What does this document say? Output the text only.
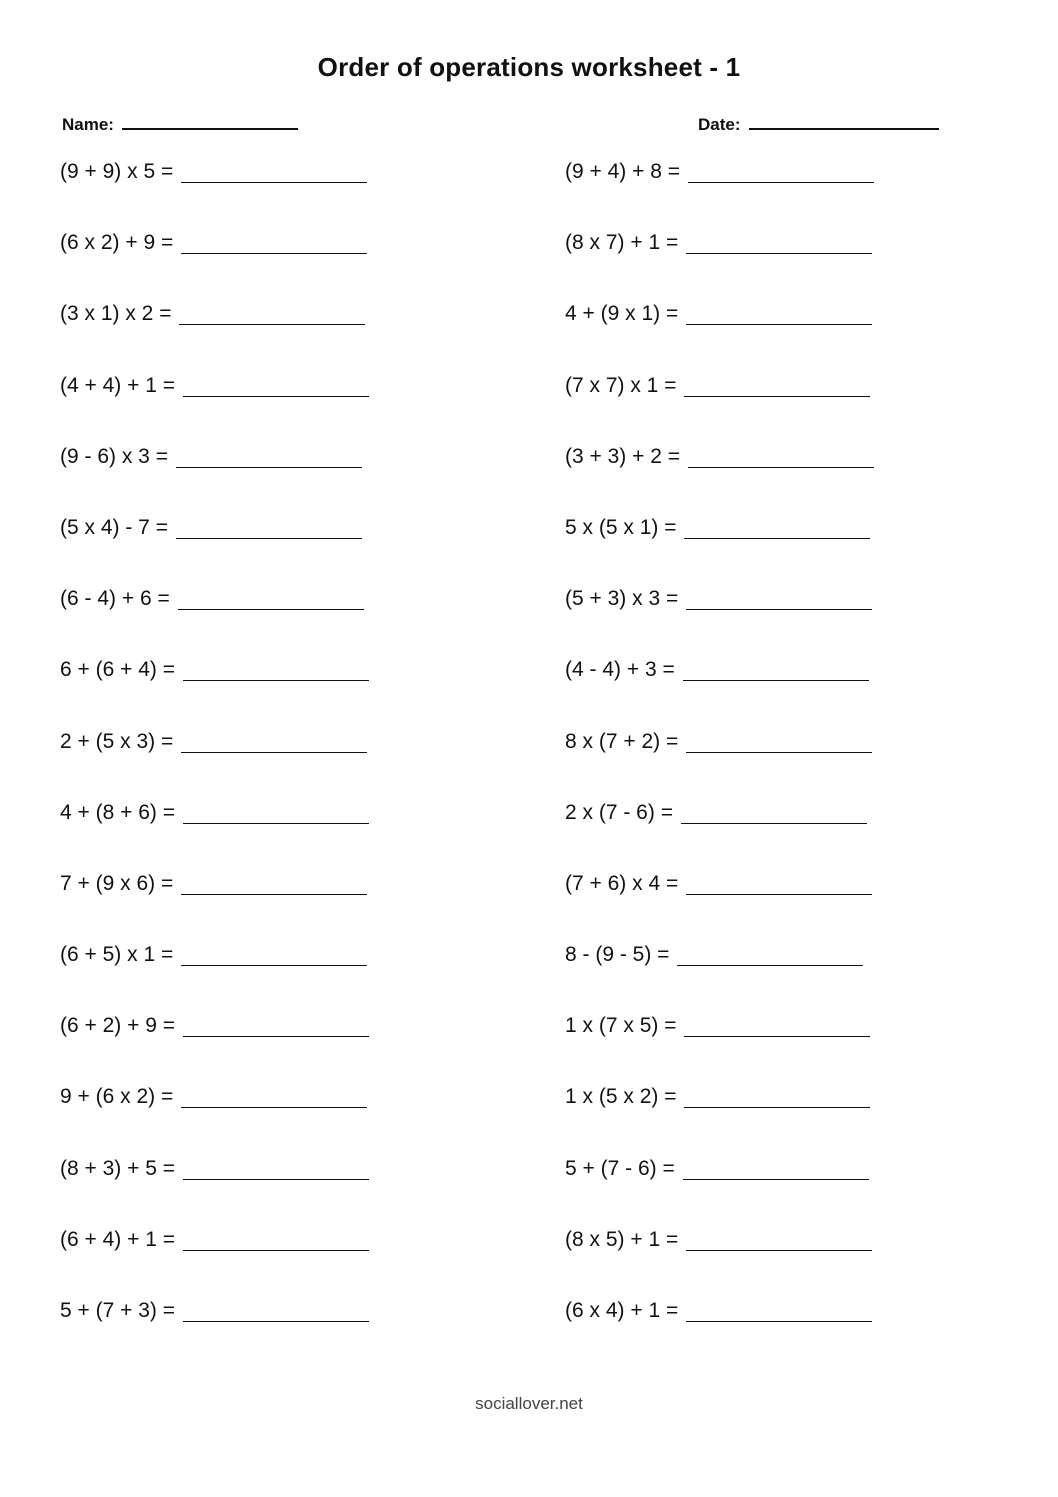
Order of operations worksheet - 1
Name:	Date:
(9 + 9) x 5 =
(6 x 2) + 9 =
(3 x 1) x 2 =
(4 + 4) + 1 =
(9 - 6) x 3 =
(5 x 4) - 7 =
(6 - 4) + 6 =
6 + (6 + 4) =
2 + (5 x 3) =
4 + (8 + 6) =
7 + (9 x 6) =
(6 + 5) x 1 =
(6 + 2) + 9 =
9 + (6 x 2) =
(8 + 3) + 5 =
(6 + 4) + 1 =
5 + (7 + 3) =
(9 + 4) + 8 =
(8 x 7) + 1 =
4 + (9 x 1) =
(7 x 7) x 1 =
(3 + 3) + 2 =
5 x (5 x 1) =
(5 + 3) x 3 =
(4 - 4) + 3 =
8 x (7 + 2) =
2 x (7 - 6) =
(7 + 6) x 4 =
8 - (9 - 5) =
1 x (7 x 5) =
1 x (5 x 2) =
5 + (7 - 6) =
(8 x 5) + 1 =
(6 x 4) + 1 =
sociallover.net
